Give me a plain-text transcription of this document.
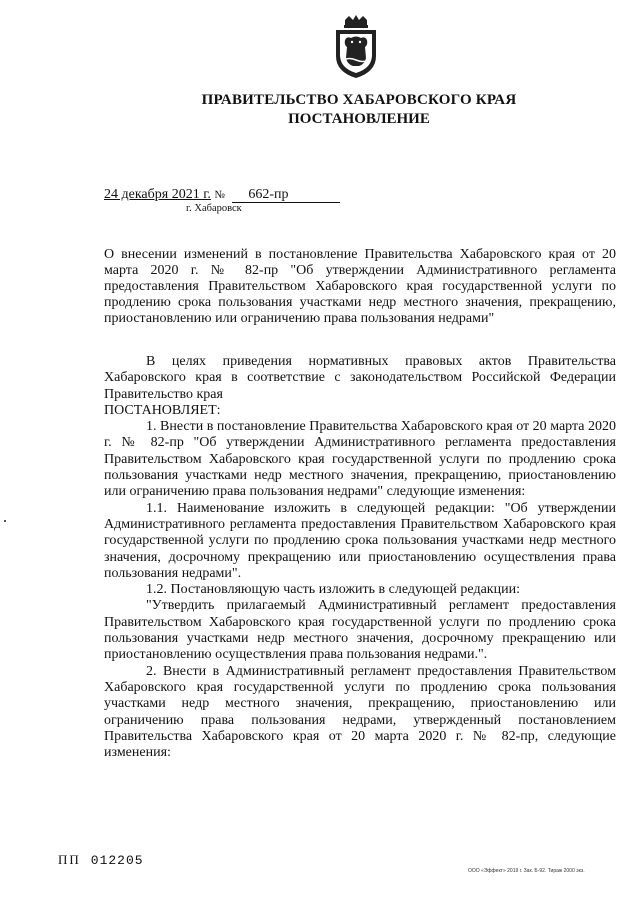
ПРАВИТЕЛЬСТВО ХАБАРОВСКОГО КРАЯ
ПОСТАНОВЛЕНИЕ
24 декабря 2021 г. № 662-пр
г. Хабаровск
О внесении изменений в постановление Правительства Хабаровского края от 20 марта 2020 г. № 82-пр "Об утверждении Административного регламента предоставления Правительством Хабаровского края государственной услуги по продлению срока пользования участками недр местного значения, прекращению, приостановлению или ограничению права пользования недрами"

В целях приведения нормативных правовых актов Правительства Хабаровского края в соответствие с законодательством Российской Федерации Правительство края

ПОСТАНОВЛЯЕТ:

1. Внести в постановление Правительства Хабаровского края от 20 марта 2020 г. № 82-пр "Об утверждении Административного регламента предоставления Правительством Хабаровского края государственной услуги по продлению срока пользования участками недр местного значения, прекращению, приостановлению или ограничению права пользования недрами" следующие изменения:

1.1. Наименование изложить в следующей редакции: "Об утверждении Административного регламента предоставления Правительством Хабаровского края государственной услуги по продлению срока пользования участками недр местного значения, досрочному прекращению или приостановлению осуществления права пользования недрами".

1.2. Постановляющую часть изложить в следующей редакции:

"Утвердить прилагаемый Административный регламент предоставления Правительством Хабаровского края государственной услуги по продлению срока пользования участками недр местного значения, досрочному прекращению или приостановлению осуществления права пользования недрами.".

2. Внести в Административный регламент предоставления Правительством Хабаровского края государственной услуги по продлению срока пользования участками недр местного значения, прекращению, приостановлению или ограничению права пользования недрами, утвержденный постановлением Правительства Хабаровского края от 20 марта 2020 г. № 82-пр, следующие изменения:

ПП 012205
ООО «Эффект» 2019 г. Зак. Б-92. Тираж 2000 экз.
